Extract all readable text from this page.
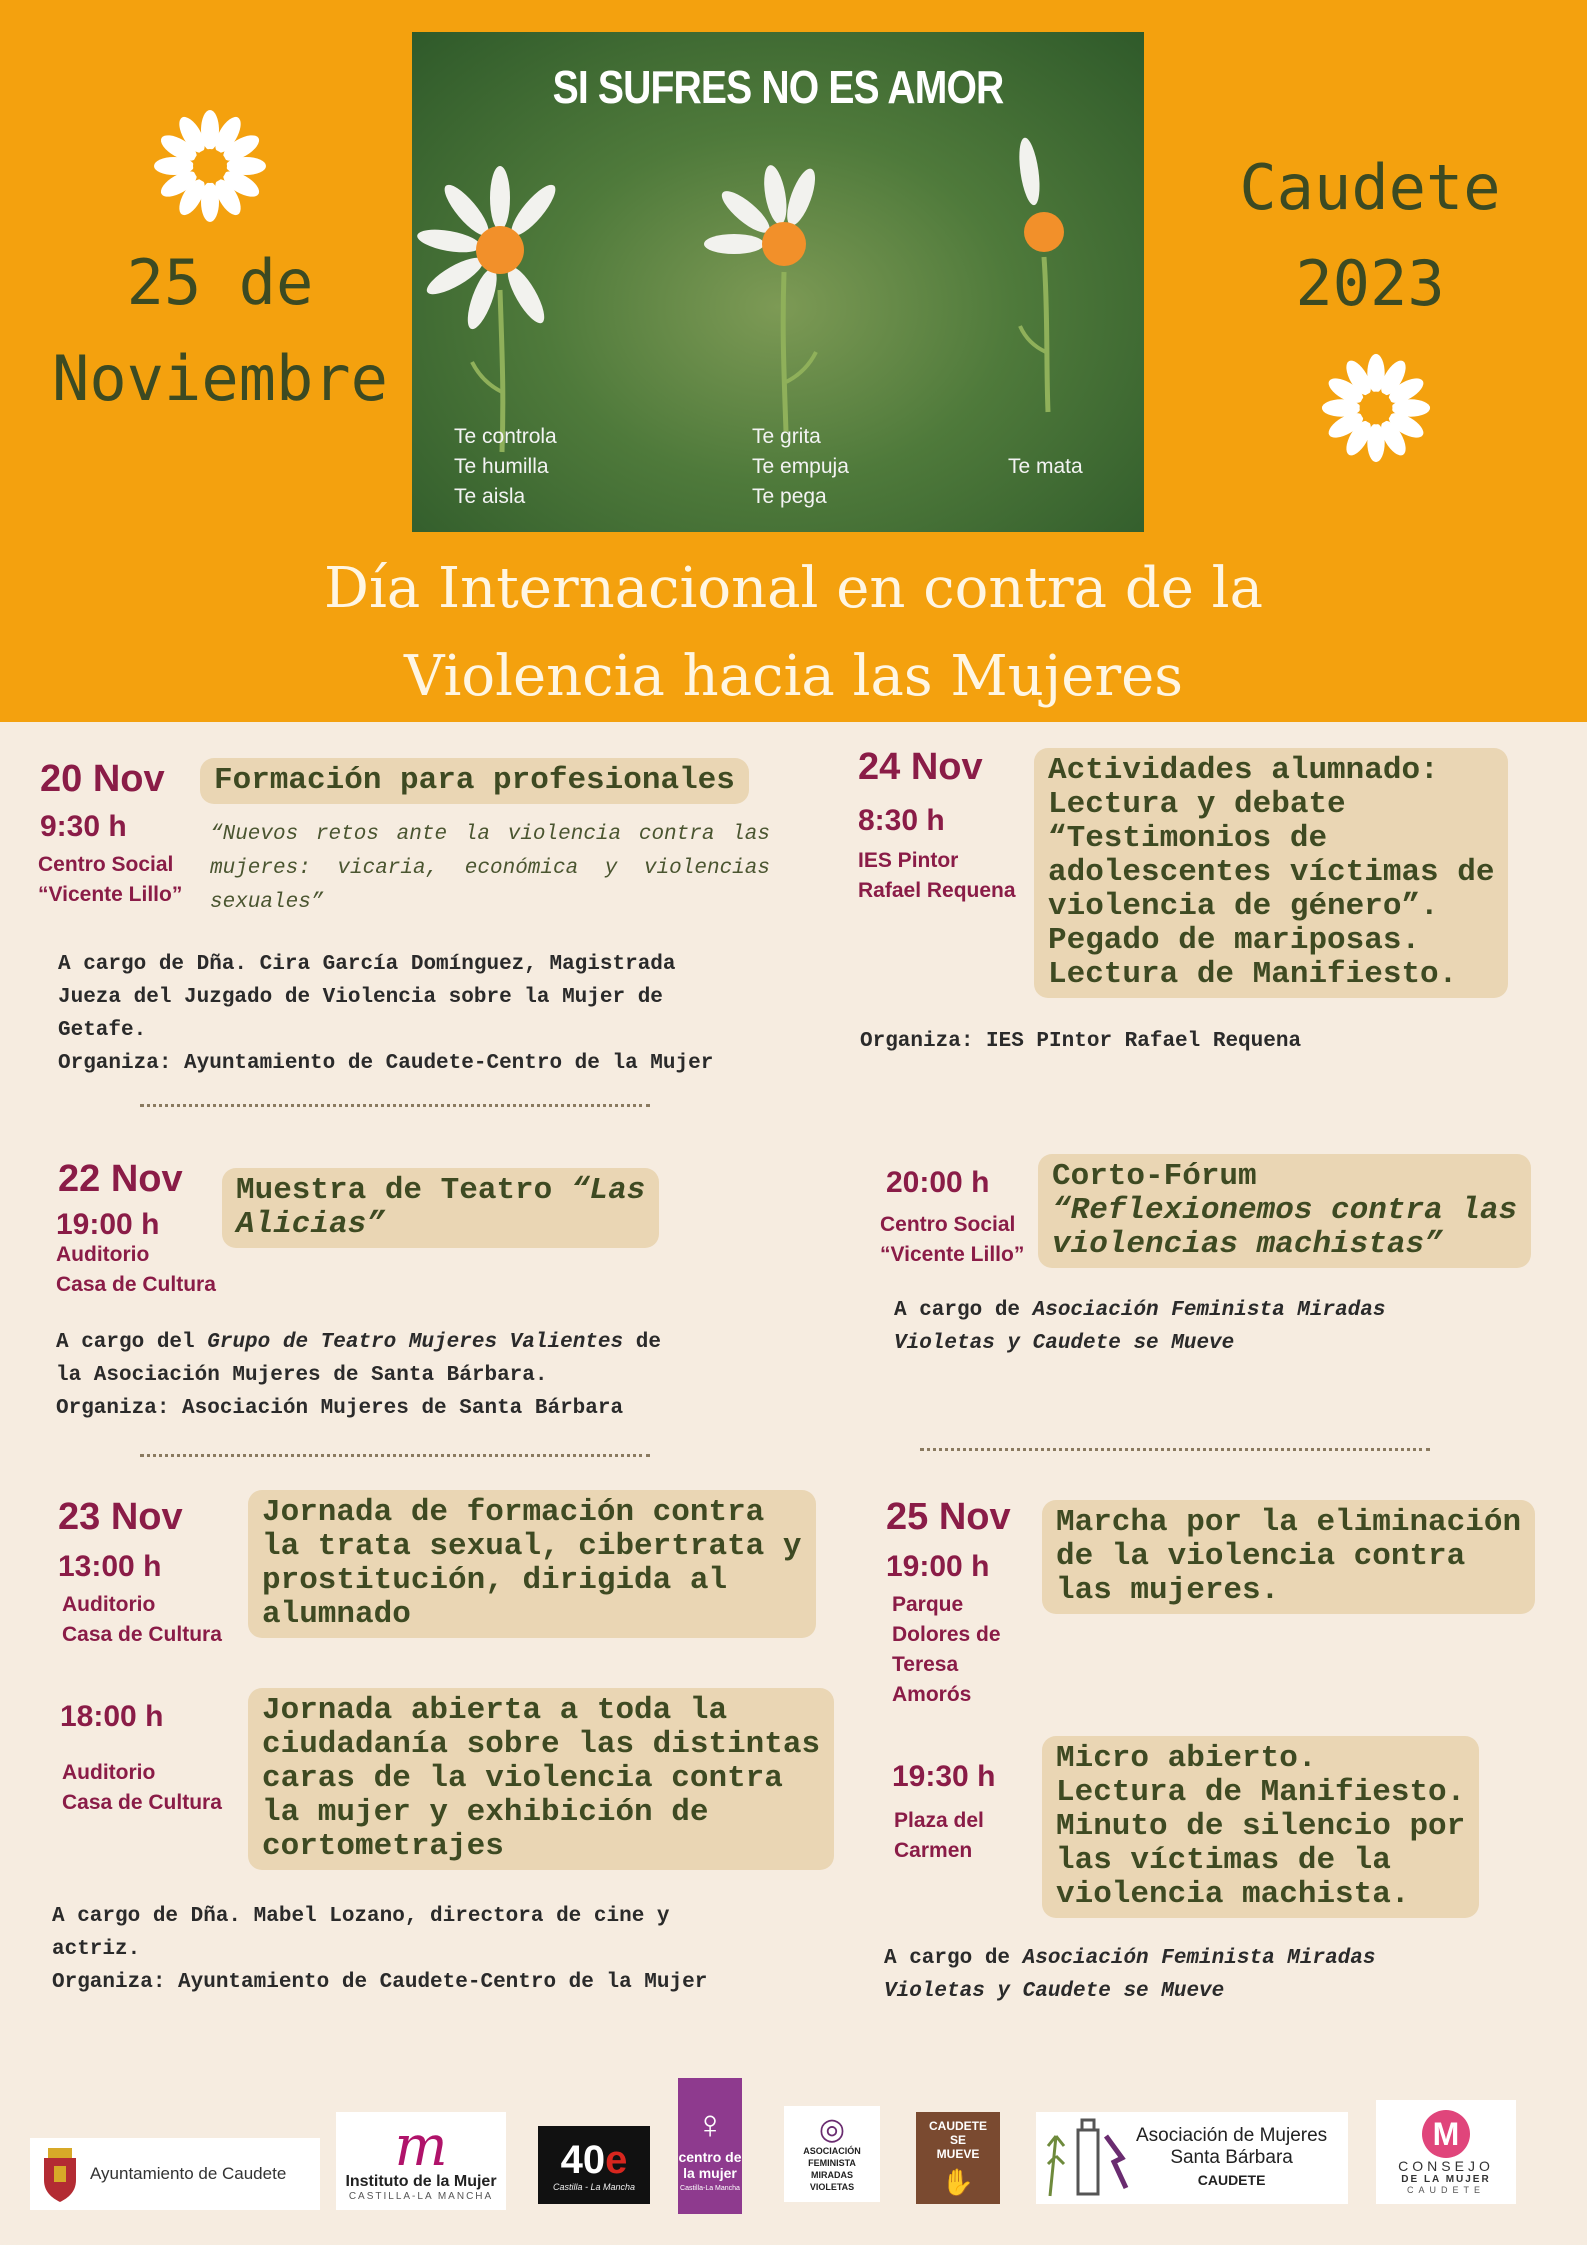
25 de
Noviembre
Caudete
2023
SI SUFRES NO ES AMOR
Te controla
Te humilla
Te aisla
Te grita
Te empuja
Te pega
Te mata
Día Internacional en contra de la
Violencia hacia las Mujeres
20 Nov
9:30 h
Centro Social
“Vicente Lillo”
Formación para profesionales
“Nuevos retos ante la violencia contra las mujeres: vicaria, económica y violencias sexuales”
A cargo de Dña. Cira García Domínguez, Magistrada
Jueza del Juzgado de Violencia sobre la Mujer de
Getafe.
Organiza: Ayuntamiento de Caudete-Centro de la Mujer
22 Nov
19:00 h
Auditorio
Casa de Cultura
Muestra de Teatro “Las
Alicias”
A cargo del Grupo de Teatro Mujeres Valientes de
la Asociación Mujeres de Santa Bárbara.
Organiza: Asociación Mujeres de Santa Bárbara
23 Nov
13:00 h
Auditorio
Casa de Cultura
Jornada de formación contra
la trata sexual, cibertrata y
prostitución, dirigida al
alumnado
18:00 h
Auditorio
Casa de Cultura
Jornada abierta a toda la
ciudadanía sobre las distintas
caras de la violencia contra
la mujer y exhibición de
cortometrajes
A cargo de Dña. Mabel Lozano, directora de cine y
actriz.
Organiza: Ayuntamiento de Caudete-Centro de la Mujer
24 Nov
8:30 h
IES Pintor
Rafael Requena
Actividades alumnado:
Lectura y debate
“Testimonios de
adolescentes víctimas de
violencia de género”.
Pegado de mariposas.
Lectura de Manifiesto.
Organiza: IES PIntor Rafael Requena
20:00 h
Centro Social
“Vicente Lillo”
Corto-Fórum
“Reflexionemos contra las
violencias machistas”
A cargo de Asociación Feminista Miradas
Violetas y Caudete se Mueve
25 Nov
19:00 h
Parque
Dolores de
Teresa
Amorós
Marcha por la eliminación
de la violencia contra
las mujeres.
19:30 h
Plaza del
Carmen
Micro abierto.
Lectura de Manifiesto.
Minuto de silencio por
las víctimas de la
violencia machista.
A cargo de Asociación Feminista Miradas
Violetas y Caudete se Mueve
Ayuntamiento de Caudete m
Instituto de la Mujer
CASTILLA-LA MANCHA
40e
Castilla - La Mancha
♀
centro de la mujer
Castilla-La Mancha
◎
ASOCIACIÓN FEMINISTA MIRADAS VIOLETAS
CAUDETE SE MUEVE
✋
Asociación de Mujeres
Santa Bárbara
CAUDETE
M
CONSEJO
DE LA MUJER
CAUDETE
